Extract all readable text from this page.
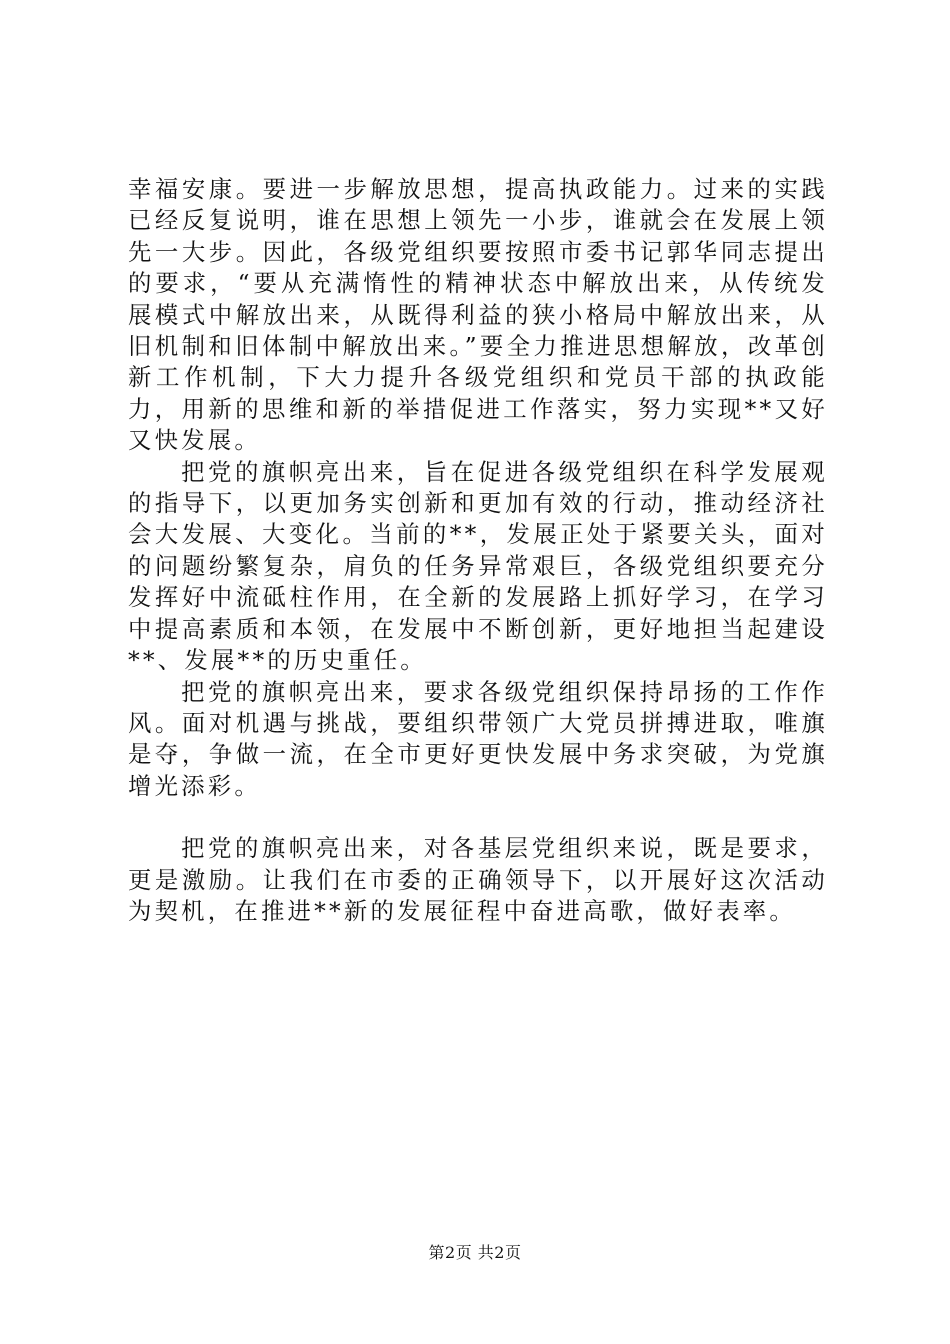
幸福安康。要进一步解放思想，提高执政能力。过来的实践已经反复说明，谁在思想上领先一小步，谁就会在发展上领先一大步。因此，各级党组织要按照市委书记郭华同志提出的要求，“要从充满惰性的精神状态中解放出来，从传统发展模式中解放出来，从既得利益的狭小格局中解放出来，从旧机制和旧体制中解放出来。”要全力推进思想解放，改革创新工作机制，下大力提升各级党组织和党员干部的执政能力，用新的思维和新的举措促进工作落实，努力实现**又好又快发展。

把党的旗帜亮出来，旨在促进各级党组织在科学发展观的指导下，以更加务实创新和更加有效的行动，推动经济社会大发展、大变化。当前的**，发展正处于紧要关头，面对的问题纷繁复杂，肩负的任务异常艰巨，各级党组织要充分发挥好中流砥柱作用，在全新的发展路上抓好学习，在学习中提高素质和本领，在发展中不断创新，更好地担当起建设**、发展**的历史重任。

把党的旗帜亮出来，要求各级党组织保持昂扬的工作作风。面对机遇与挑战，要组织带领广大党员拼搏进取，唯旗是夺，争做一流，在全市更好更快发展中务求突破，为党旗增光添彩。

把党的旗帜亮出来，对各基层党组织来说，既是要求，更是激励。让我们在市委的正确领导下，以开展好这次活动为契机，在推进**新的发展征程中奋进高歌，做好表率。

第2页 共2页
